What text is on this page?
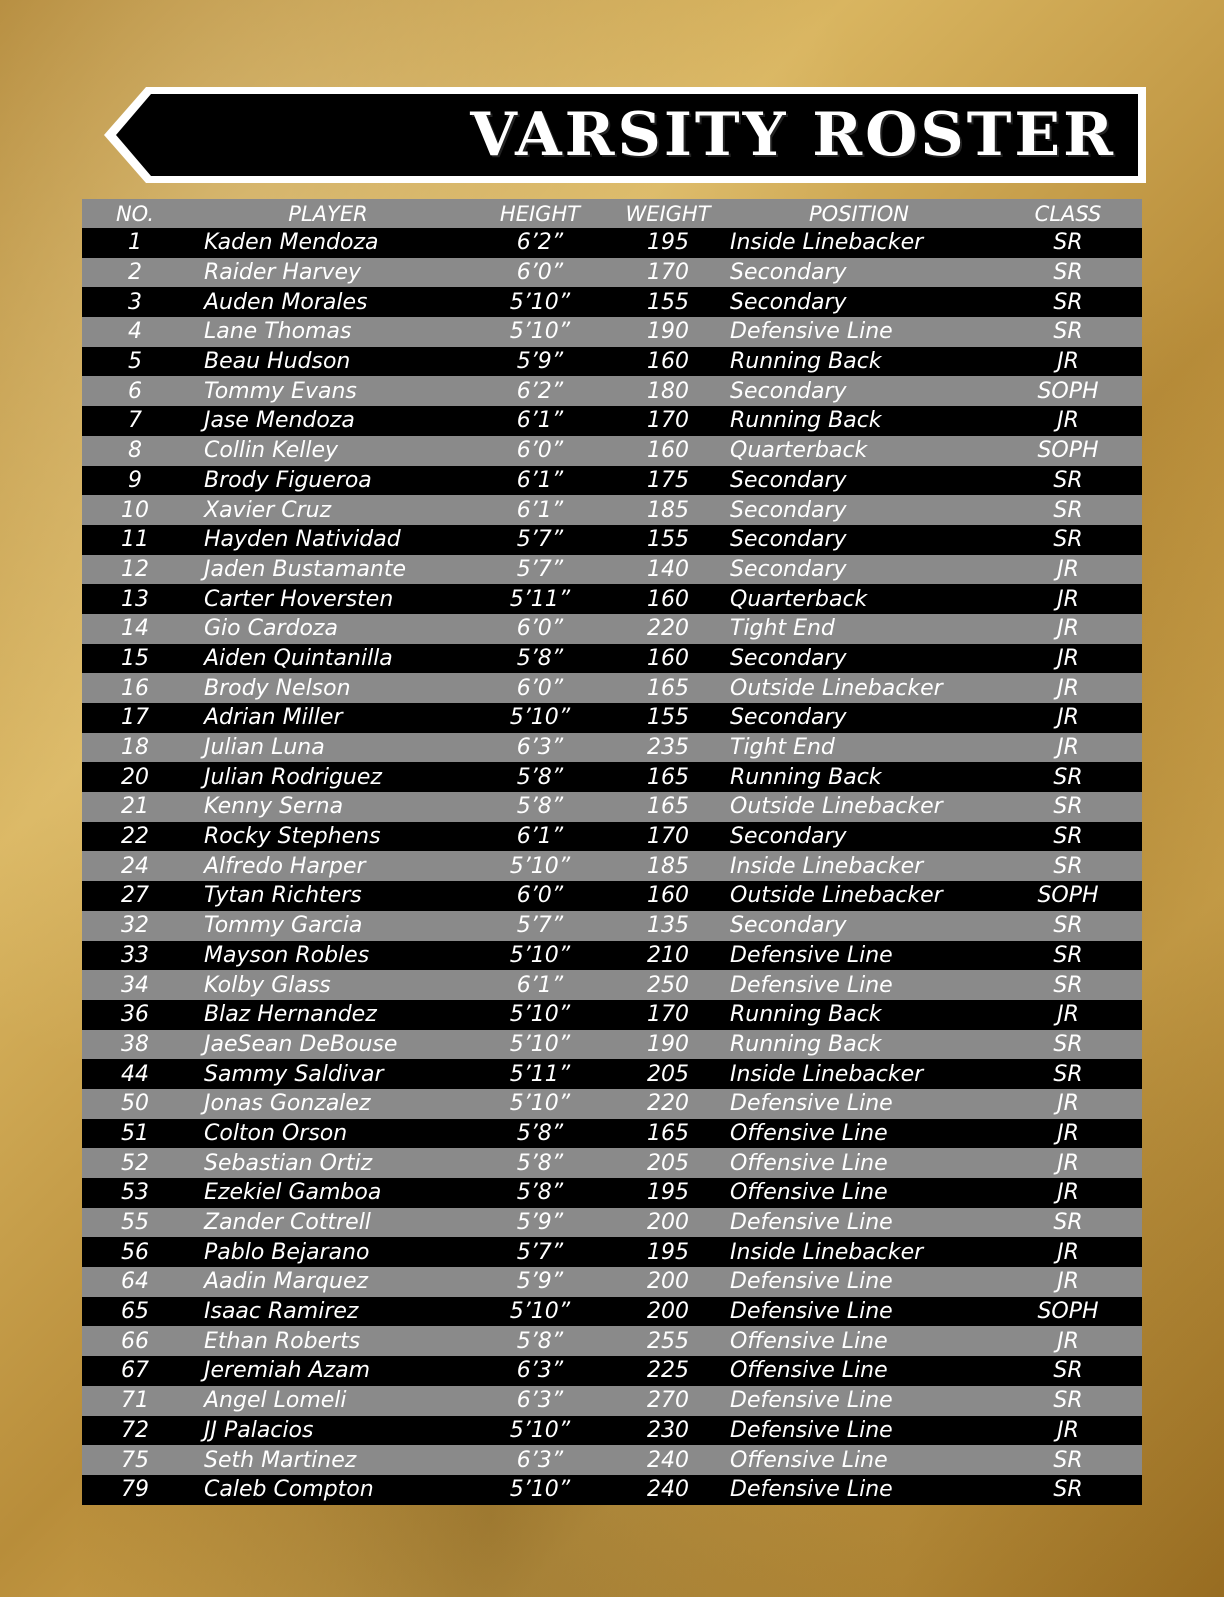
VARSITY ROSTER
NO.	PLAYER	HEIGHT	WEIGHT	POSITION	CLASS
1	Kaden Mendoza	6’2”	195	Inside Linebacker	SR
2	Raider Harvey	6’0”	170	Secondary	SR
3	Auden Morales	5’10”	155	Secondary	SR
4	Lane Thomas	5’10”	190	Defensive Line	SR
5	Beau Hudson	5’9”	160	Running Back	JR
6	Tommy Evans	6’2”	180	Secondary	SOPH
7	Jase Mendoza	6’1”	170	Running Back	JR
8	Collin Kelley	6’0”	160	Quarterback	SOPH
9	Brody Figueroa	6’1”	175	Secondary	SR
10	Xavier Cruz	6’1”	185	Secondary	SR
11	Hayden Natividad	5’7”	155	Secondary	SR
12	Jaden Bustamante	5’7”	140	Secondary	JR
13	Carter Hoversten	5’11”	160	Quarterback	JR
14	Gio Cardoza	6’0”	220	Tight End	JR
15	Aiden Quintanilla	5’8”	160	Secondary	JR
16	Brody Nelson	6’0”	165	Outside Linebacker	JR
17	Adrian Miller	5’10”	155	Secondary	JR
18	Julian Luna	6’3”	235	Tight End	JR
20	Julian Rodriguez	5’8”	165	Running Back	SR
21	Kenny Serna	5’8”	165	Outside Linebacker	SR
22	Rocky Stephens	6’1”	170	Secondary	SR
24	Alfredo Harper	5’10”	185	Inside Linebacker	SR
27	Tytan Richters	6’0”	160	Outside Linebacker	SOPH
32	Tommy Garcia	5’7”	135	Secondary	SR
33	Mayson Robles	5’10”	210	Defensive Line	SR
34	Kolby Glass	6’1”	250	Defensive Line	SR
36	Blaz Hernandez	5’10”	170	Running Back	JR
38	JaeSean DeBouse	5’10”	190	Running Back	SR
44	Sammy Saldivar	5’11”	205	Inside Linebacker	SR
50	Jonas Gonzalez	5’10”	220	Defensive Line	JR
51	Colton Orson	5’8”	165	Offensive Line	JR
52	Sebastian Ortiz	5’8”	205	Offensive Line	JR
53	Ezekiel Gamboa	5’8”	195	Offensive Line	JR
55	Zander Cottrell	5’9”	200	Defensive Line	SR
56	Pablo Bejarano	5’7”	195	Inside Linebacker	JR
64	Aadin Marquez	5’9”	200	Defensive Line	JR
65	Isaac Ramirez	5’10”	200	Defensive Line	SOPH
66	Ethan Roberts	5’8”	255	Offensive Line	JR
67	Jeremiah Azam	6’3”	225	Offensive Line	SR
71	Angel Lomeli	6’3”	270	Defensive Line	SR
72	JJ Palacios	5’10”	230	Defensive Line	JR
75	Seth Martinez	6’3”	240	Offensive Line	SR
79	Caleb Compton	5’10”	240	Defensive Line	SR
